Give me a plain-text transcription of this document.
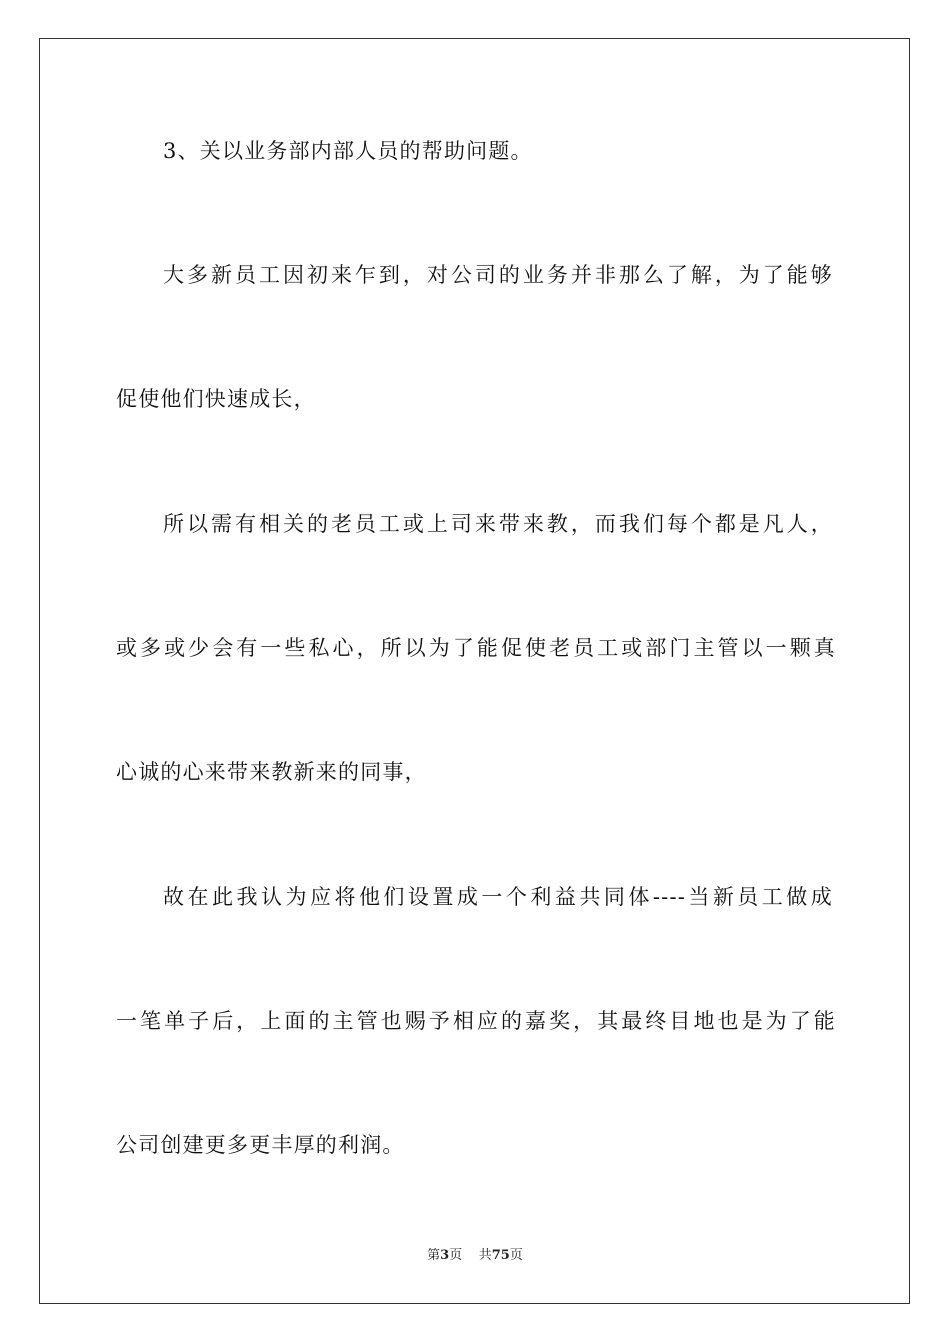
3、关以业务部内部人员的帮助问题。
大多新员工因初来乍到，对公司的业务并非那么了解，为了能够
促使他们快速成长，
所以需有相关的老员工或上司来带来教，而我们每个都是凡人，
或多或少会有一些私心，所以为了能促使老员工或部门主管以一颗真
心诚的心来带来教新来的同事，
故在此我认为应将他们设置成一个利益共同体----当新员工做成
一笔单子后，上面的主管也赐予相应的嘉奖，其最终目地也是为了能
公司创建更多更丰厚的利润。
第3页 共75页
